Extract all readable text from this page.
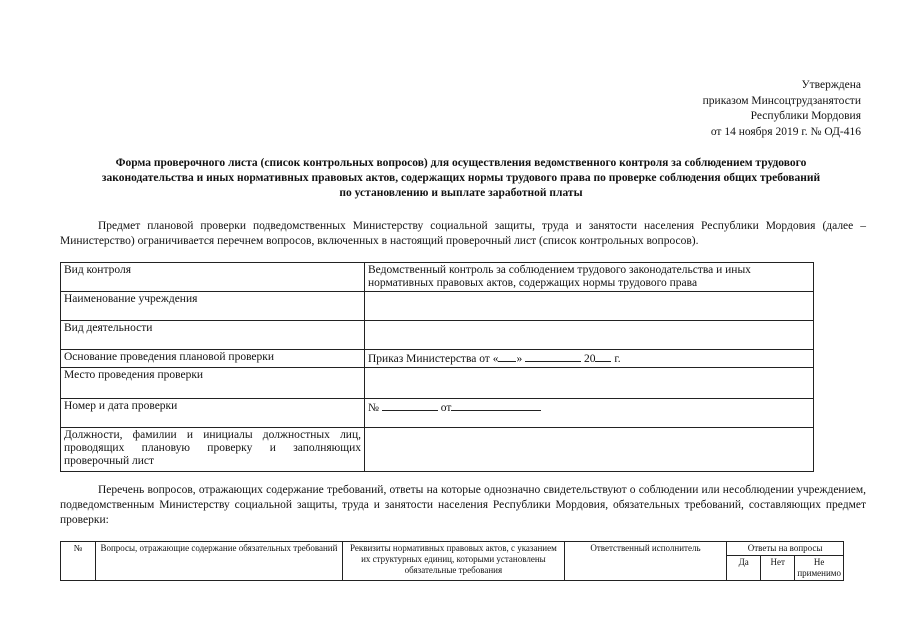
Утверждена
приказом Минсоцтрудзанятости
Республики Мордовия
от 14 ноября 2019 г. № ОД-416
Форма проверочного листа (список контрольных вопросов) для осуществления ведомственного контроля за соблюдением трудового
законодательства и иных нормативных правовых актов, содержащих нормы трудового права по проверке соблюдения общих требований
по установлению и выплате заработной платы
Предмет плановой проверки подведомственных Министерству социальной защиты, труда и занятости населения Республики Мордовия (далее – Министерство) ограничивается перечнем вопросов, включенных в настоящий проверочный лист (список контрольных вопросов).
Вид контроля	Ведомственный контроль за соблюдением трудового законодательства и иных нормативных правовых актов, содержащих нормы трудового права
Наименование учреждения	
Вид деятельности	
Основание проведения плановой проверки	Приказ Министерства от « » 20 г.
Место проведения проверки	
Номер и дата проверки	№ от
Должности, фамилии и инициалы должностных лиц, проводящих плановую проверку и заполняющих проверочный лист	
Перечень вопросов, отражающих содержание требований, ответы на которые однозначно свидетельствуют о соблюдении или несоблюдении учреждением, подведомственным Министерству социальной защиты, труда и занятости населения Республики Мордовия, обязательных требований, составляющих предмет проверки:
№	Вопросы, отражающие содержание обязательных требований	Реквизиты нормативных правовых актов, с указанием их структурных единиц, которыми установлены обязательные требования	Ответственный исполнитель	Ответы на вопросы		
				Да	Нет	Не применимо
